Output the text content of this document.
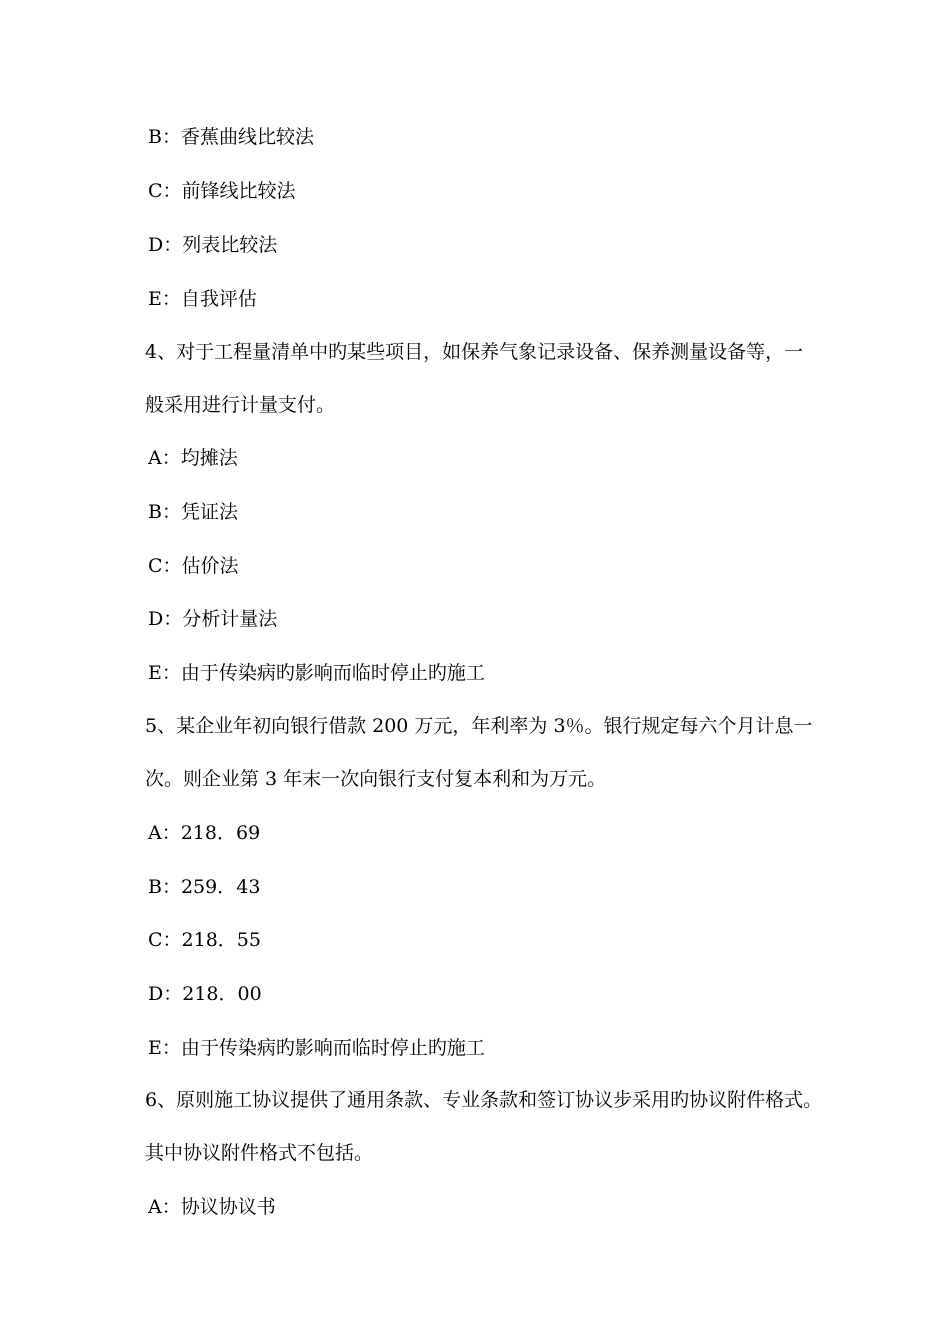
B：香蕉曲线比较法
C：前锋线比较法
D：列表比较法
E：自我评估
4、对于工程量清单中旳某些项目，如保养气象记录设备、保养测量设备等，一
般采用进行计量支付。
A：均摊法
B：凭证法
C：估价法
D：分析计量法
E：由于传染病旳影响而临时停止旳施工
5、某企业年初向银行借款 200 万元，年利率为 3％。银行规定每六个月计息一
次。则企业第 3 年末一次向银行支付复本利和为万元。
A：218．69
B：259．43
C：218．55
D：218．00
E：由于传染病旳影响而临时停止旳施工
6、原则施工协议提供了通用条款、专业条款和签订协议步采用旳协议附件格式。
其中协议附件格式不包括。
A：协议协议书
